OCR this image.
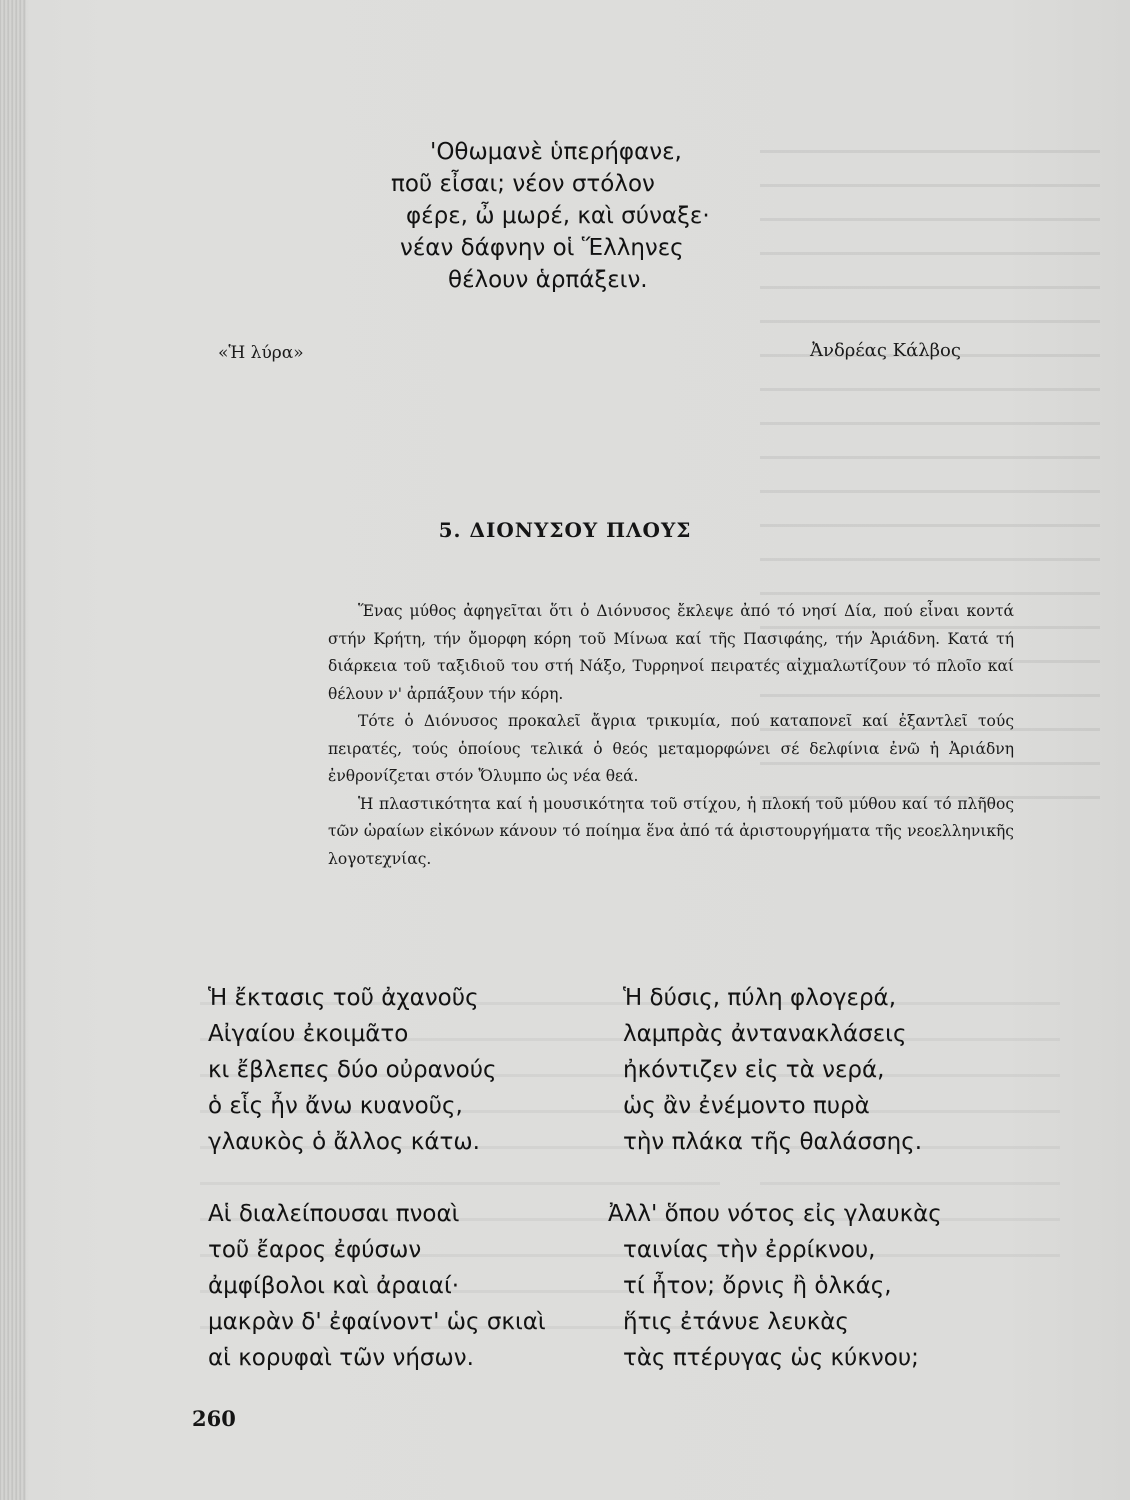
'Οθωμανὲ ὑπερήφανε,
ποῦ εἶσαι; νέον στόλον
φέρε, ὦ μωρέ, καὶ σύναξε·
νέαν δάφνην οἱ Ἕλληνες
θέλουν ἁρπάξειν.
«Ἡ λύρα»	Ἀνδρέας Κάλβος
5. ΔΙΟΝΥΣΟΥ ΠΛΟΥΣ

Ἕνας μύθος ἀφηγεῖται ὅτι ὁ Διόνυσος ἔκλεψε ἀπό τό νησί Δία, πού εἶναι κοντά στήν Κρήτη, τήν ὄμορφη κόρη τοῦ Μίνωα καί τῆς Πασιφάης, τήν Ἀριάδνη. Κατά τή διάρκεια τοῦ ταξιδιοῦ του στή Νάξο, Τυρρηνοί πειρατές αἰχμαλωτίζουν τό πλοῖο καί θέλουν ν' ἀρπάξουν τήν κόρη.

Τότε ὁ Διόνυσος προκαλεῖ ἄγρια τρικυμία, πού καταπονεῖ καί ἐξαντλεῖ τούς πειρατές, τούς ὁποίους τελικά ὁ θεός μεταμορφώνει σέ δελφίνια ἐνῶ ἡ Ἀριάδνη ἐνθρονίζεται στόν Ὄλυμπο ὡς νέα θεά.

Ἡ πλαστικότητα καί ἡ μουσικότητα τοῦ στίχου, ἡ πλοκή τοῦ μύθου καί τό πλῆθος τῶν ὡραίων εἰκόνων κάνουν τό ποίημα ἕνα ἀπό τά ἀριστουργήματα τῆς νεοελληνικῆς λογοτεχνίας.

Ἡ ἔκτασις τοῦ ἀχανοῦς
Αἰγαίου ἐκοιμᾶτο
κι ἔβλεπες δύο οὐρανούς
ὁ εἷς ἦν ἄνω κυανοῦς,
γλαυκὸς ὁ ἄλλος κάτω.
Ἡ δύσις, πύλη φλογερά,
λαμπρὰς ἀντανακλάσεις
ἠκόντιζεν εἰς τὰ νερά,
ὡς ἂν ἐνέμοντο πυρὰ
τὴν πλάκα τῆς θαλάσσης.
Αἱ διαλείπουσαι πνοαὶ
τοῦ ἔαρος ἐφύσων
ἀμφίβολοι καὶ ἀραιαί·
μακρὰν δ' ἐφαίνοντ' ὡς σκιαὶ
αἱ κορυφαὶ τῶν νήσων.
Ἀλλ' ὅπου νότος εἰς γλαυκὰς
ταινίας τὴν ἐρρίκνου,
τί ἦτον; ὄρνις ἢ ὁλκάς,
ἥτις ἐτάνυε λευκὰς
τὰς πτέρυγας ὡς κύκνου;
260
